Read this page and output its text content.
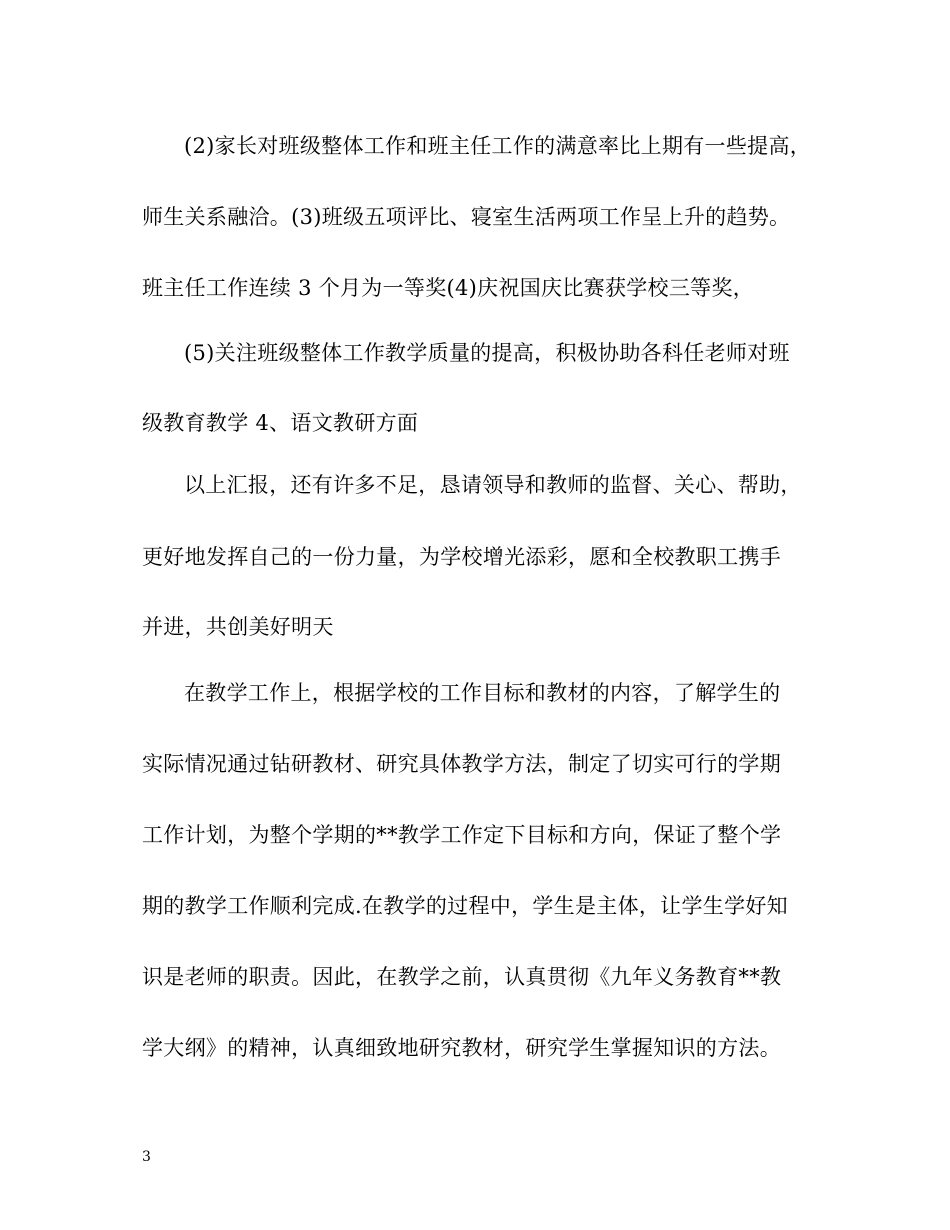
(2)家长对班级整体工作和班主任工作的满意率比上期有一些提高，
师生关系融洽。(3)班级五项评比、寝室生活两项工作呈上升的趋势。
班主任工作连续 3 个月为一等奖(4)庆祝国庆比赛获学校三等奖，
(5)关注班级整体工作教学质量的提高，积极协助各科任老师对班
级教育教学 4、语文教研方面
以上汇报，还有许多不足，恳请领导和教师的监督、关心、帮助，
更好地发挥自己的一份力量，为学校增光添彩，愿和全校教职工携手
并进，共创美好明天
在教学工作上，根据学校的工作目标和教材的内容，了解学生的
实际情况通过钻研教材、研究具体教学方法，制定了切实可行的学期
工作计划，为整个学期的**教学工作定下目标和方向，保证了整个学
期的教学工作顺利完成.在教学的过程中，学生是主体，让学生学好知
识是老师的职责。因此，在教学之前，认真贯彻《九年义务教育**教
学大纲》的精神，认真细致地研究教材，研究学生掌握知识的方法。
3
